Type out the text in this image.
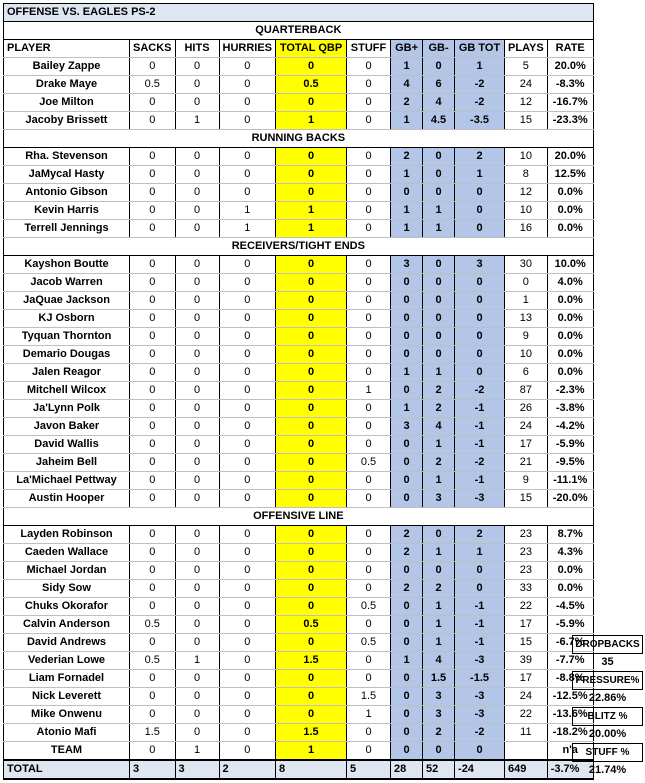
OFFENSE VS. EAGLES PS-2										
QUARTERBACK										
PLAYER	SACKS	HITS	HURRIES	TOTAL QBP	STUFF	GB+	GB-	GB TOT	PLAYS	RATE
Bailey Zappe	0	0	0	0	0	1	0	1	5	20.0%
Drake Maye	0.5	0	0	0.5	0	4	6	-2	24	-8.3%
Joe Milton	0	0	0	0	0	2	4	-2	12	-16.7%
Jacoby Brissett	0	1	0	1	0	1	4.5	-3.5	15	-23.3%
RUNNING BACKS										
Rha. Stevenson	0	0	0	0	0	2	0	2	10	20.0%
JaMycal Hasty	0	0	0	0	0	1	0	1	8	12.5%
Antonio Gibson	0	0	0	0	0	0	0	0	12	0.0%
Kevin Harris	0	0	1	1	0	1	1	0	10	0.0%
Terrell Jennings	0	0	1	1	0	1	1	0	16	0.0%
RECEIVERS/TIGHT ENDS										
Kayshon Boutte	0	0	0	0	0	3	0	3	30	10.0%
Jacob Warren	0	0	0	0	0	0	0	0	0	4.0%
JaQuae Jackson	0	0	0	0	0	0	0	0	1	0.0%
KJ Osborn	0	0	0	0	0	0	0	0	13	0.0%
Tyquan Thornton	0	0	0	0	0	0	0	0	9	0.0%
Demario Dougas	0	0	0	0	0	0	0	0	10	0.0%
Jalen Reagor	0	0	0	0	0	1	1	0	6	0.0%
Mitchell Wilcox	0	0	0	0	1	0	2	-2	87	-2.3%
Ja'Lynn Polk	0	0	0	0	0	1	2	-1	26	-3.8%
Javon Baker	0	0	0	0	0	3	4	-1	24	-4.2%
David Wallis	0	0	0	0	0	0	1	-1	17	-5.9%
Jaheim Bell	0	0	0	0	0.5	0	2	-2	21	-9.5%
La'Michael Pettway	0	0	0	0	0	0	1	-1	9	-11.1%
Austin Hooper	0	0	0	0	0	0	3	-3	15	-20.0%
OFFENSIVE LINE										
Layden Robinson	0	0	0	0	0	2	0	2	23	8.7%
Caeden Wallace	0	0	0	0	0	2	1	1	23	4.3%
Michael Jordan	0	0	0	0	0	0	0	0	23	0.0%
Sidy Sow	0	0	0	0	0	2	2	0	33	0.0%
Chuks Okorafor	0	0	0	0	0.5	0	1	-1	22	-4.5%
Calvin Anderson	0.5	0	0	0.5	0	0	1	-1	17	-5.9%
David Andrews	0	0	0	0	0.5	0	1	-1	15	-6.7%
Vederian Lowe	0.5	1	0	1.5	0	1	4	-3	39	-7.7%
Liam Fornadel	0	0	0	0	0	0	1.5	-1.5	17	-8.8%
Nick Leverett	0	0	0	0	1.5	0	3	-3	24	-12.5%
Mike Onwenu	0	0	0	0	1	0	3	-3	22	-13.6%
Atonio Mafi	1.5	0	0	1.5	0	0	2	-2	11	-18.2%
TEAM	0	1	0	1	0	0	0	0		n'a
TOTAL	3	3	2	8	5	28	52	-24	649	-3.7%
DROPBACKS
35
PRESSURE%
22.86%
BLITZ %
20.00%
STUFF %
21.74%
